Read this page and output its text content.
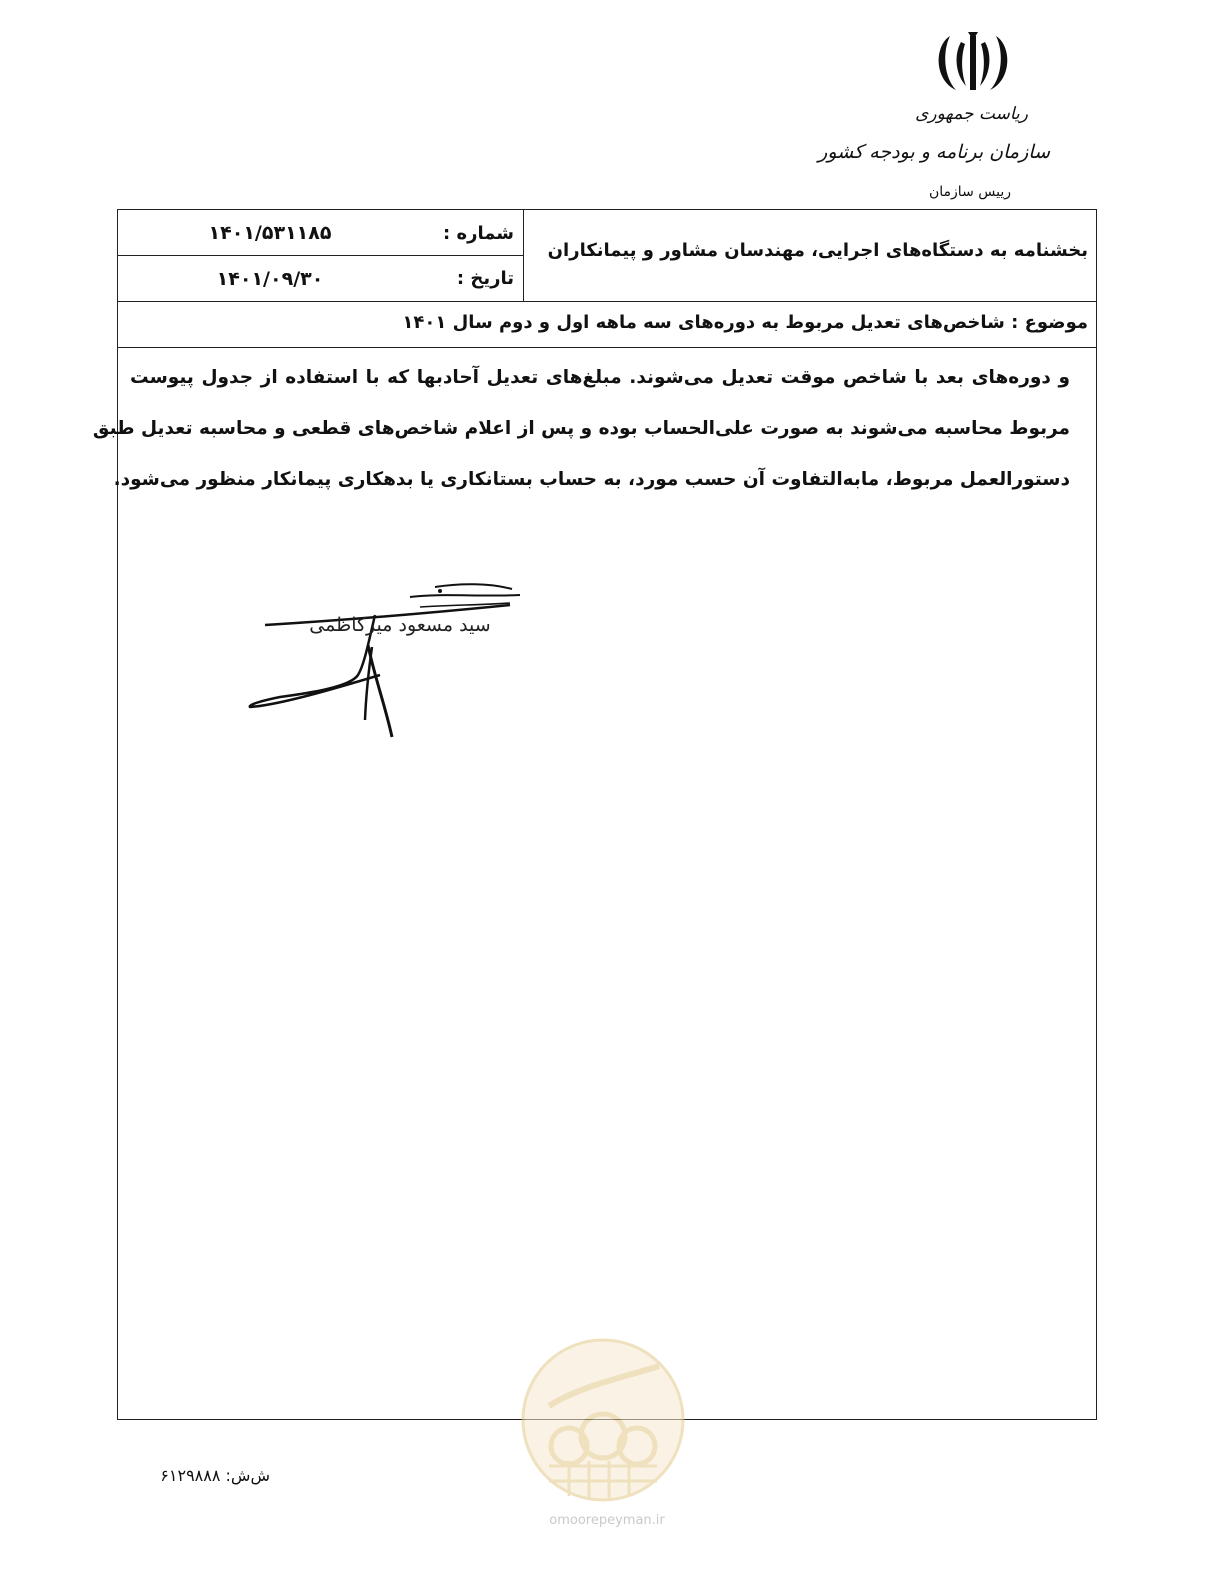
ریاست جمهوری
سازمان برنامه و بودجه کشور
رییس سازمان
بخشنامه به دستگاه‌های اجرایی، مهندسان مشاور و پیمانکاران
شماره :
۱۴۰۱/۵۳۱۱۸۵
تاریخ :
۱۴۰۱/۰۹/۳۰
موضوع : شاخص‌های تعدیل مربوط به دوره‌های سه ماهه اول و دوم سال ۱۴۰۱
و دوره‌های بعد با شاخص موقت تعدیل می‌شوند. مبلغ‌های تعدیل آحادبها که با استفاده از جدول پیوست
مربوط محاسبه می‌شوند به صورت علی‌الحساب بوده و پس از اعلام شاخص‌های قطعی و محاسبه تعدیل طبق
دستورالعمل مربوط، مابه‌التفاوت آن حسب مورد، به حساب بستانکاری یا بدهکاری پیمانکار منظور می‌شود.
سید مسعود میرکاظمی
omoorepeyman.ir
ش‌ش: ۶۱۲۹۸۸۸
